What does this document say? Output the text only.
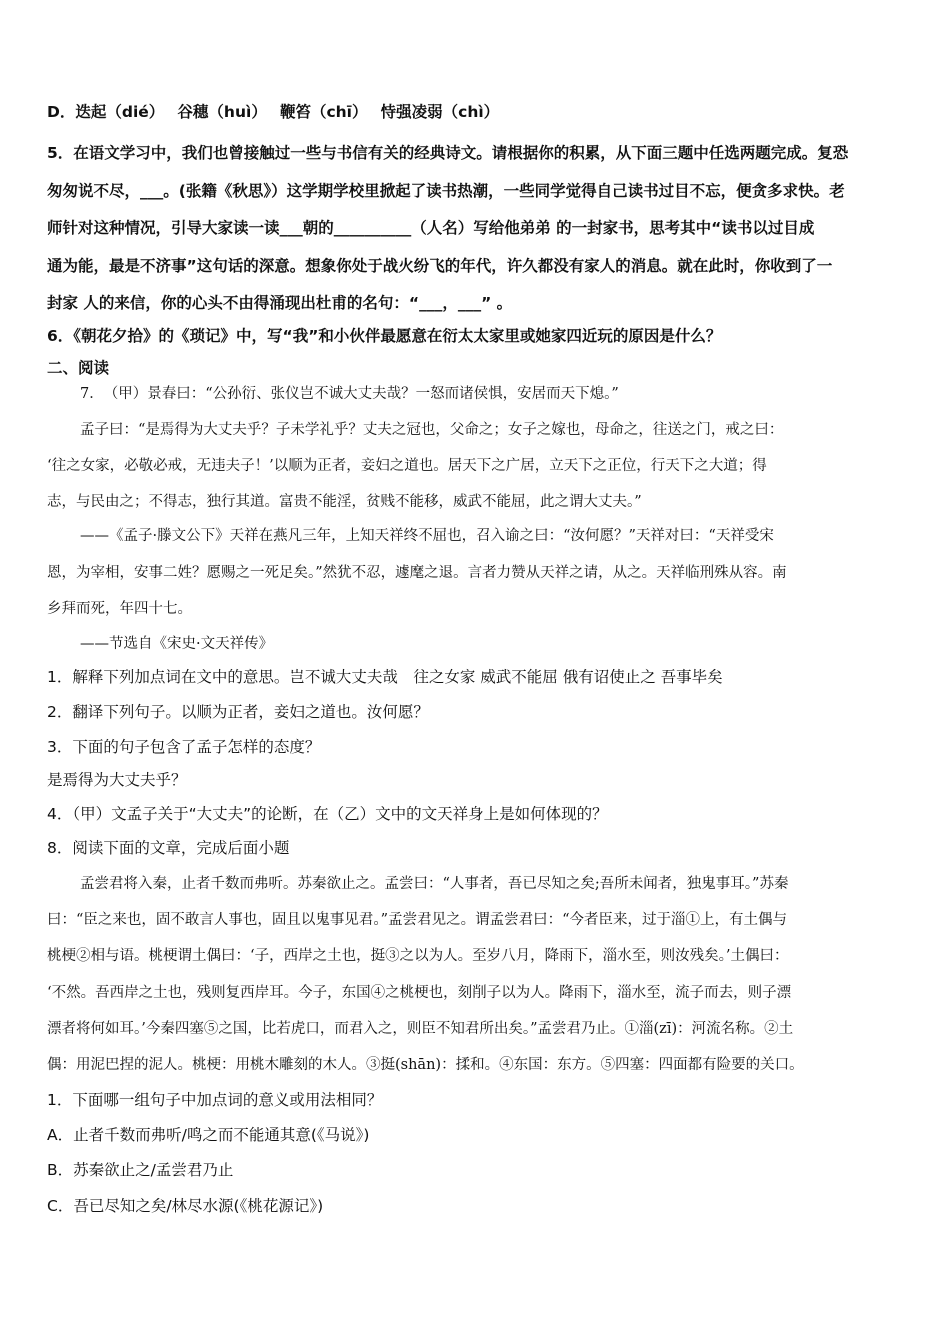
D．迭起（dié）　 谷穗（huì）　 鞭笞（chī）　 恃强凌弱（chì）
5．在语文学习中，我们也曾接触过一些与书信有关的经典诗文。请根据你的积累，从下面三题中任选两题完成。复恐
匆匆说不尽，___。(张籍《秋思》）这学期学校里掀起了读书热潮，一些同学觉得自己读书过目不忘，便贪多求快。老
师针对这种情况，引导大家读一读___朝的__________（人名）写给他弟弟 的一封家书，思考其中“读书以过目成
通为能，最是不济事”这句话的深意。想象你处于战火纷飞的年代，许久都没有家人的消息。就在此时，你收到了一
封家 人的来信，你的心头不由得涌现出杜甫的名句：“___，___” 。
6．《朝花夕拾》的《琐记》中，写“我”和小伙伴最愿意在衍太太家里或她家四近玩的原因是什么？
二、阅读
7．　（甲）景春曰：“公孙衍、张仪岂不诚大丈夫哉？一怒而诸侯惧，安居而天下熄。”
孟子曰：“是焉得为大丈夫乎？子未学礼乎？丈夫之冠也，父命之；女子之嫁也，母命之，往送之门，戒之曰：
‘往之女家，必敬必戒，无违夫子！’以顺为正者，妾妇之道也。居天下之广居，立天下之正位，行天下之大道；得
志，与民由之；不得志，独行其道。富贵不能淫，贫贱不能移，威武不能屈，此之谓大丈夫。”
——《孟子·滕文公下》天祥在燕凡三年，上知天祥终不屈也，召入谕之曰：“汝何愿？”天祥对曰：“天祥受宋
恩，为宰相，安事二姓？愿赐之一死足矣。”然犹不忍，遽麾之退。言者力赞从天祥之请，从之。天祥临刑殊从容。南
乡拜而死，年四十七。
——节选自《宋史·文天祥传》
1．解释下列加点词在文中的意思。岂不诚大丈夫哉　往之女家 威武不能屈 俄有诏使止之 吾事毕矣
2．翻译下列句子。以顺为正者，妾妇之道也。汝何愿？
3．下面的句子包含了孟子怎样的态度？
是焉得为大丈夫乎？
4．（甲）文孟子关于“大丈夫”的论断，在（乙）文中的文天祥身上是如何体现的？
8．阅读下面的文章，完成后面小题
孟尝君将入秦，止者千数而弗听。苏秦欲止之。孟尝曰：“人事者，吾已尽知之矣;吾所未闻者，独鬼事耳。”苏秦
曰：“臣之来也，固不敢言人事也，固且以鬼事见君。”孟尝君见之。谓孟尝君曰：“今者臣来，过于淄①上，有土偶与
桃梗②相与语。桃梗谓土偶曰：‘子，西岸之土也，挺③之以为人。至岁八月，降雨下，淄水至，则汝残矣。’土偶曰：
‘不然。吾西岸之土也，残则复西岸耳。今子，东国④之桃梗也，刻削子以为人。降雨下，淄水至，流子而去，则子漂
漂者将何如耳。’今秦四塞⑤之国，比若虎口，而君入之，则臣不知君所出矣。”孟尝君乃止。①淄(zī)：河流名称。②土
偶：用泥巴捏的泥人。桃梗：用桃木雕刻的木人。③挺(shān)：揉和。④东国：东方。⑤四塞：四面都有险要的关口。
1．下面哪一组句子中加点词的意义或用法相同？
A．止者千数而弗听/鸣之而不能通其意(《马说》)
B．苏秦欲止之/孟尝君乃止
C．吾已尽知之矣/林尽水源(《桃花源记》)
